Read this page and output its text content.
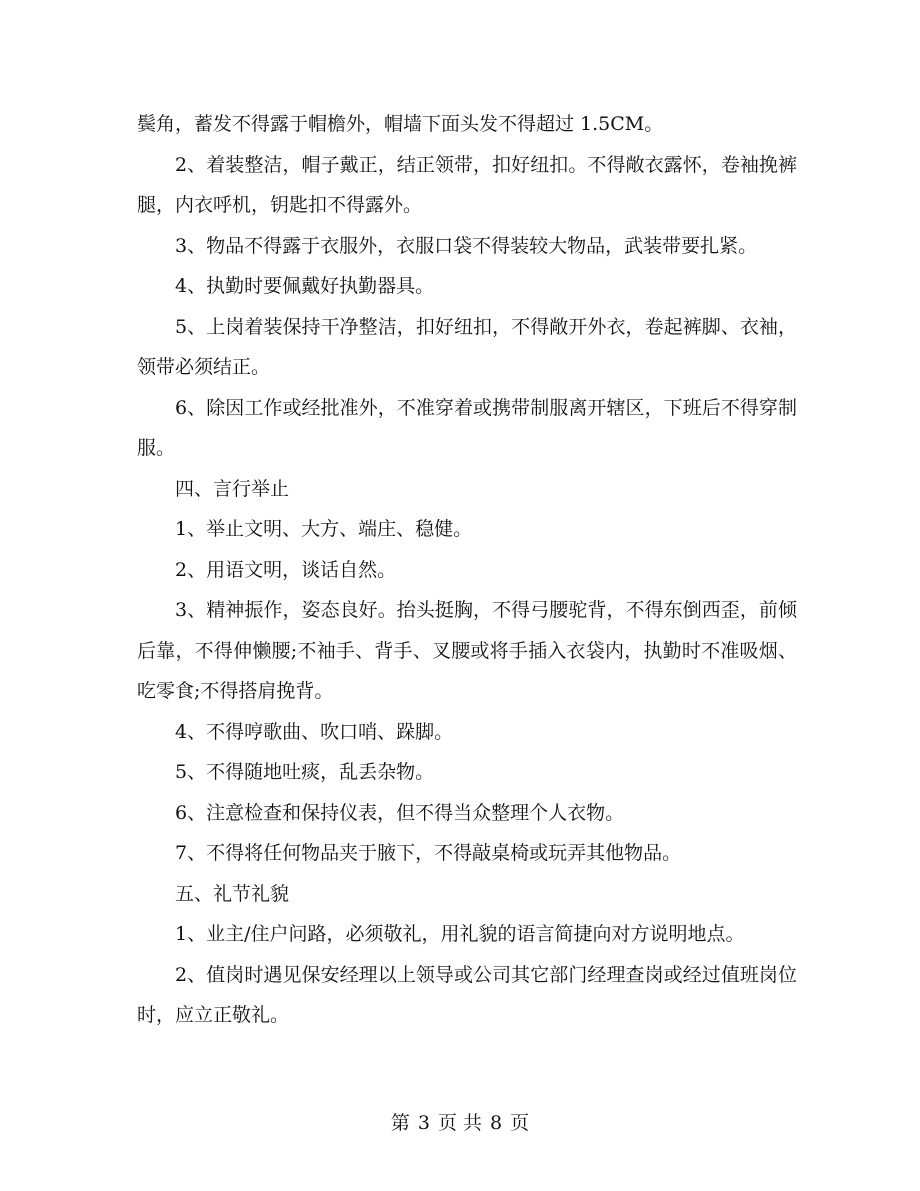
鬓角，蓄发不得露于帽檐外，帽墙下面头发不得超过 1.5CM。

2、着装整洁，帽子戴正，结正领带，扣好纽扣。不得敞衣露怀，卷袖挽裤腿，内衣呼机，钥匙扣不得露外。

3、物品不得露于衣服外，衣服口袋不得装较大物品，武装带要扎紧。

4、执勤时要佩戴好执勤器具。

5、上岗着装保持干净整洁，扣好纽扣，不得敞开外衣，卷起裤脚、衣袖，领带必须结正。

6、除因工作或经批准外，不准穿着或携带制服离开辖区，下班后不得穿制服。

四、言行举止

1、举止文明、大方、端庄、稳健。

2、用语文明，谈话自然。

3、精神振作，姿态良好。抬头挺胸，不得弓腰驼背，不得东倒西歪，前倾后靠，不得伸懒腰;不袖手、背手、叉腰或将手插入衣袋内，执勤时不准吸烟、吃零食;不得搭肩挽背。

4、不得哼歌曲、吹口哨、跺脚。

5、不得随地吐痰，乱丢杂物。

6、注意检查和保持仪表，但不得当众整理个人衣物。

7、不得将任何物品夹于腋下，不得敲桌椅或玩弄其他物品。

五、礼节礼貌

1、业主/住户问路，必须敬礼，用礼貌的语言简捷向对方说明地点。

2、值岗时遇见保安经理以上领导或公司其它部门经理查岗或经过值班岗位时，应立正敬礼。

第 3 页 共 8 页
